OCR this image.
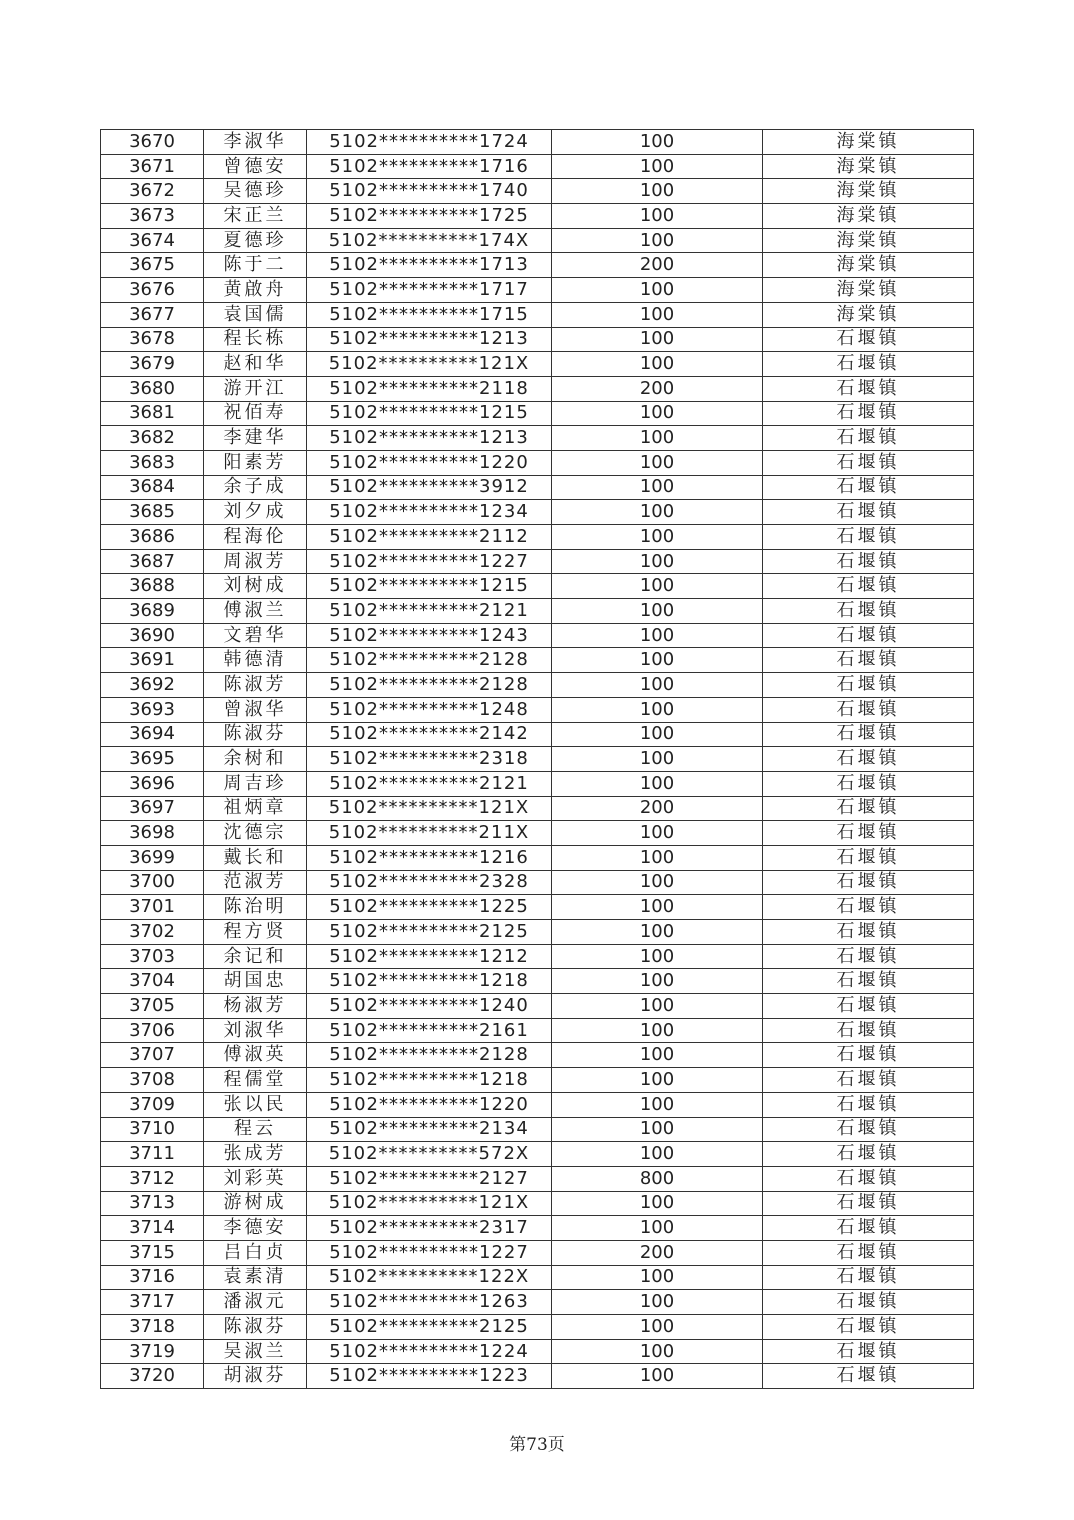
3670	李淑华	5102**********1724	100	海棠镇
3671	曾德安	5102**********1716	100	海棠镇
3672	吴德珍	5102**********1740	100	海棠镇
3673	宋正兰	5102**********1725	100	海棠镇
3674	夏德珍	5102**********174X	100	海棠镇
3675	陈于二	5102**********1713	200	海棠镇
3676	黄啟舟	5102**********1717	100	海棠镇
3677	袁国儒	5102**********1715	100	海棠镇
3678	程长栋	5102**********1213	100	石堰镇
3679	赵和华	5102**********121X	100	石堰镇
3680	游开江	5102**********2118	200	石堰镇
3681	祝佰寿	5102**********1215	100	石堰镇
3682	李建华	5102**********1213	100	石堰镇
3683	阳素芳	5102**********1220	100	石堰镇
3684	余子成	5102**********3912	100	石堰镇
3685	刘夕成	5102**********1234	100	石堰镇
3686	程海伦	5102**********2112	100	石堰镇
3687	周淑芳	5102**********1227	100	石堰镇
3688	刘树成	5102**********1215	100	石堰镇
3689	傅淑兰	5102**********2121	100	石堰镇
3690	文碧华	5102**********1243	100	石堰镇
3691	韩德清	5102**********2128	100	石堰镇
3692	陈淑芳	5102**********2128	100	石堰镇
3693	曾淑华	5102**********1248	100	石堰镇
3694	陈淑芬	5102**********2142	100	石堰镇
3695	余树和	5102**********2318	100	石堰镇
3696	周吉珍	5102**********2121	100	石堰镇
3697	祖炳章	5102**********121X	200	石堰镇
3698	沈德宗	5102**********211X	100	石堰镇
3699	戴长和	5102**********1216	100	石堰镇
3700	范淑芳	5102**********2328	100	石堰镇
3701	陈治明	5102**********1225	100	石堰镇
3702	程方贤	5102**********2125	100	石堰镇
3703	余记和	5102**********1212	100	石堰镇
3704	胡国忠	5102**********1218	100	石堰镇
3705	杨淑芳	5102**********1240	100	石堰镇
3706	刘淑华	5102**********2161	100	石堰镇
3707	傅淑英	5102**********2128	100	石堰镇
3708	程儒堂	5102**********1218	100	石堰镇
3709	张以民	5102**********1220	100	石堰镇
3710	程云	5102**********2134	100	石堰镇
3711	张成芳	5102**********572X	100	石堰镇
3712	刘彩英	5102**********2127	800	石堰镇
3713	游树成	5102**********121X	100	石堰镇
3714	李德安	5102**********2317	100	石堰镇
3715	吕白贞	5102**********1227	200	石堰镇
3716	袁素清	5102**********122X	100	石堰镇
3717	潘淑元	5102**********1263	100	石堰镇
3718	陈淑芬	5102**********2125	100	石堰镇
3719	吴淑兰	5102**********1224	100	石堰镇
3720	胡淑芬	5102**********1223	100	石堰镇
第73页
